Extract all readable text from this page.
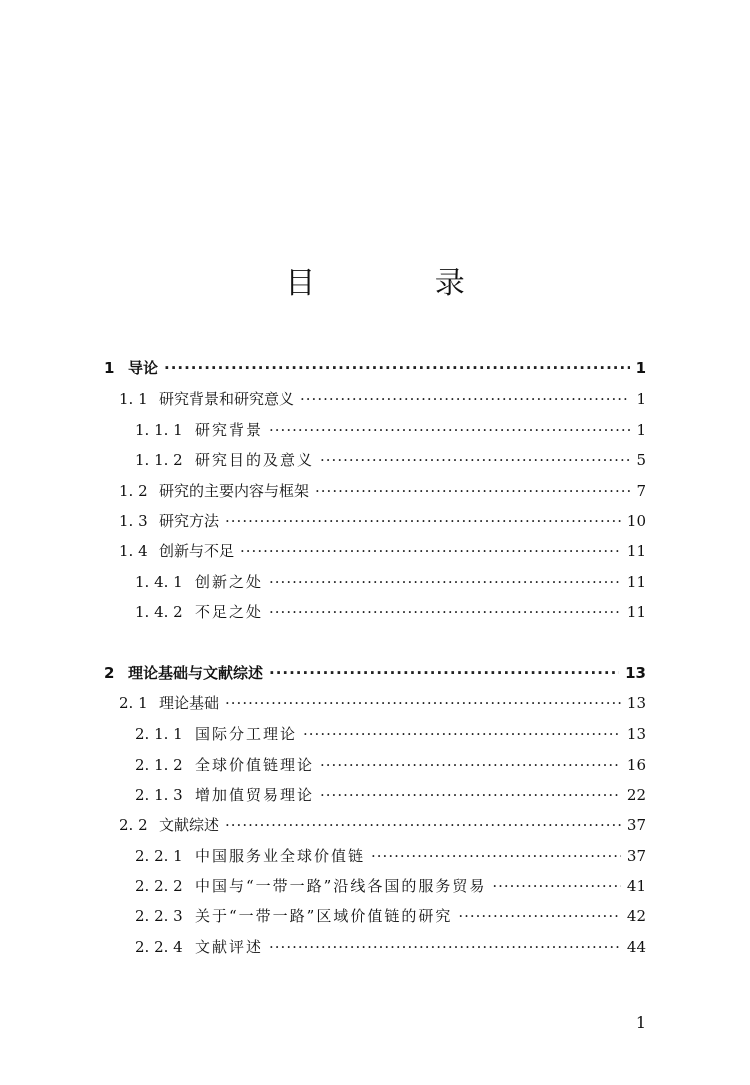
目 录
1 导论 ·····	1
1. 1 研究背景和研究意义 ·····	1
1. 1. 1 研究背景 ·····	1
1. 1. 2 研究目的及意义 ·····	5
1. 2 研究的主要内容与框架 ·····	7
1. 3 研究方法 ·····	10
1. 4 创新与不足 ·····	11
1. 4. 1 创新之处 ·····	11
1. 4. 2 不足之处 ·····	11
2 理论基础与文献综述 ·····	13
2. 1 理论基础 ·····	13
2. 1. 1 国际分工理论 ·····	13
2. 1. 2 全球价值链理论 ·····	16
2. 1. 3 增加值贸易理论 ·····	22
2. 2 文献综述 ·····	37
2. 2. 1 中国服务业全球价值链 ·····	37
2. 2. 2 中国与“一带一路”沿线各国的服务贸易 ·····	41
2. 2. 3 关于“一带一路”区域价值链的研究 ·····	42
2. 2. 4 文献评述 ·····	44
1
